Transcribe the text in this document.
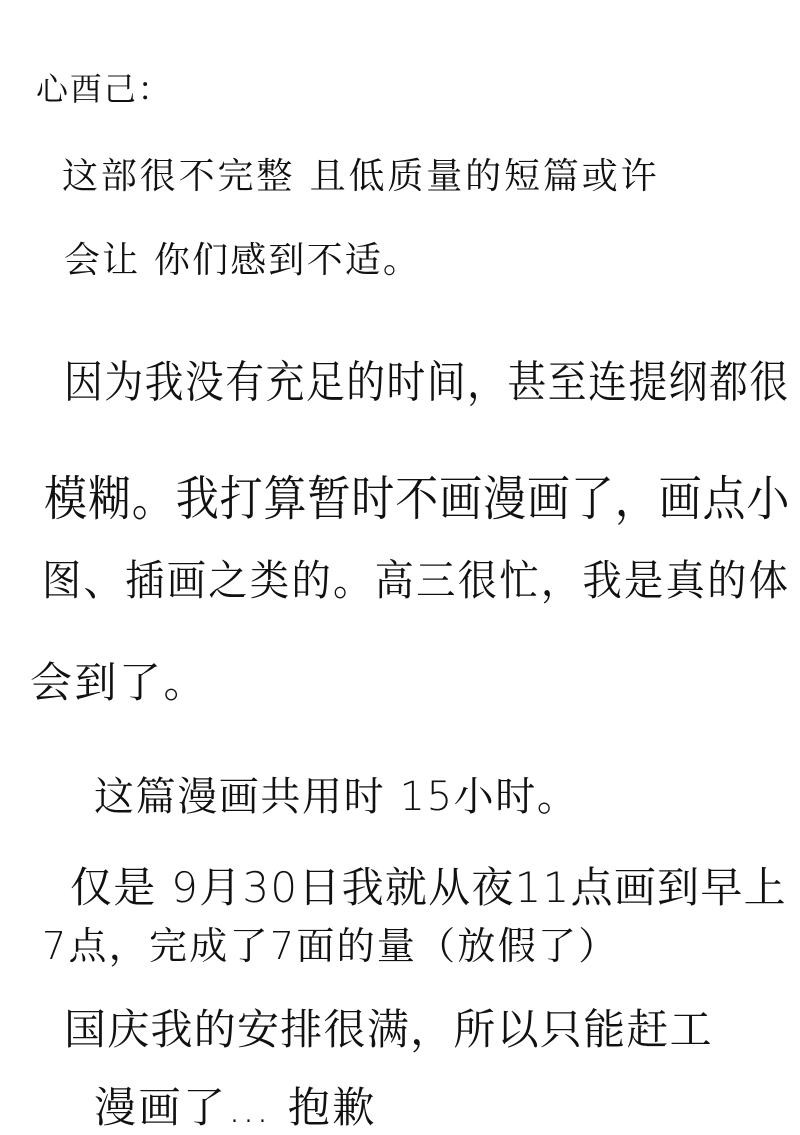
心酉己：
这部很不完整 且低质量的短篇或许
会让 你们感到不适。
因为我没有充足的时间，甚至连提纲都很
模糊。我打算暂时不画漫画了，画点小
图、插画之类的。高三很忙，我是真的体
会到了。
这篇漫画共用时 15小时。
仅是 9月30日我就从夜11点画到早上
7点，完成了7面的量（放假了）
国庆我的安排很满，所以只能赶工
漫画了… 抱歉
